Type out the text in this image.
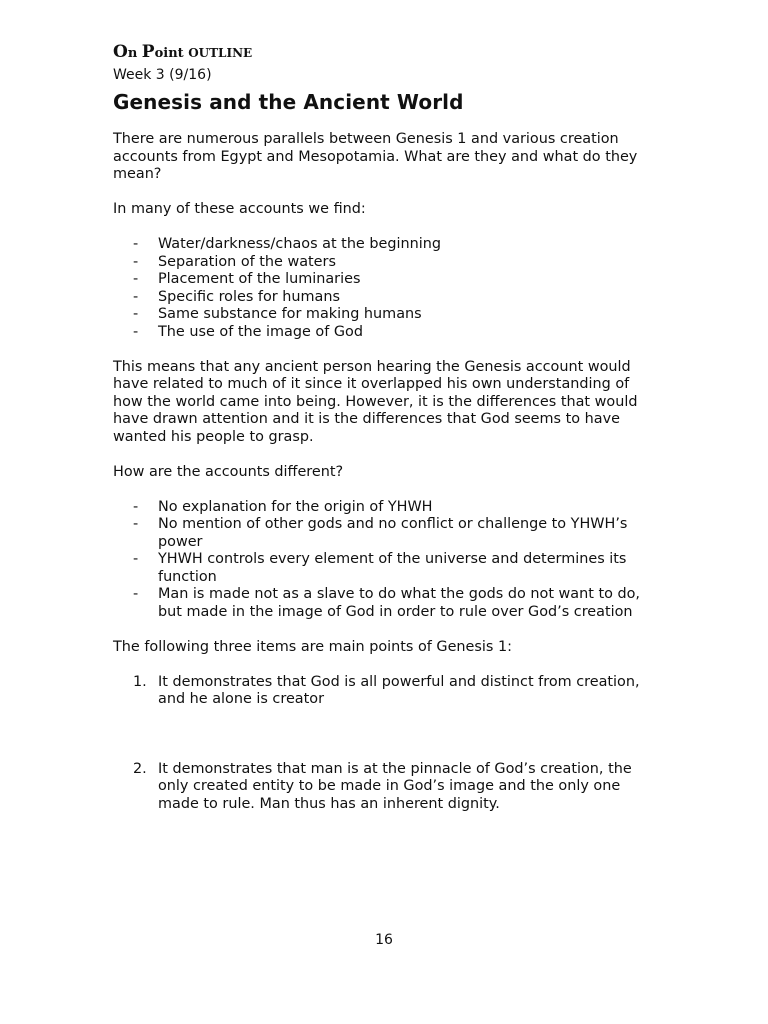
On Point OUTLINE
Week 3 (9/16)
Genesis and the Ancient World

There are numerous parallels between Genesis 1 and various creation accounts from Egypt and Mesopotamia. What are they and what do they mean?

In many of these accounts we find:

- Water/darkness/chaos at the beginning
- Separation of the waters
- Placement of the luminaries
- Specific roles for humans
- Same substance for making humans
- The use of the image of God

This means that any ancient person hearing the Genesis account would have related to much of it since it overlapped his own understanding of how the world came into being. However, it is the differences that would have drawn attention and it is the differences that God seems to have wanted his people to grasp.

How are the accounts different?

- No explanation for the origin of YHWH
- No mention of other gods and no conflict or challenge to YHWH’s power
- YHWH controls every element of the universe and determines its function
- Man is made not as a slave to do what the gods do not want to do, but made in the image of God in order to rule over God’s creation

The following three items are main points of Genesis 1:

1. It demonstrates that God is all powerful and distinct from creation, and he alone is creator
2. It demonstrates that man is at the pinnacle of God’s creation, the only created entity to be made in God’s image and the only one made to rule. Man thus has an inherent dignity.
16
